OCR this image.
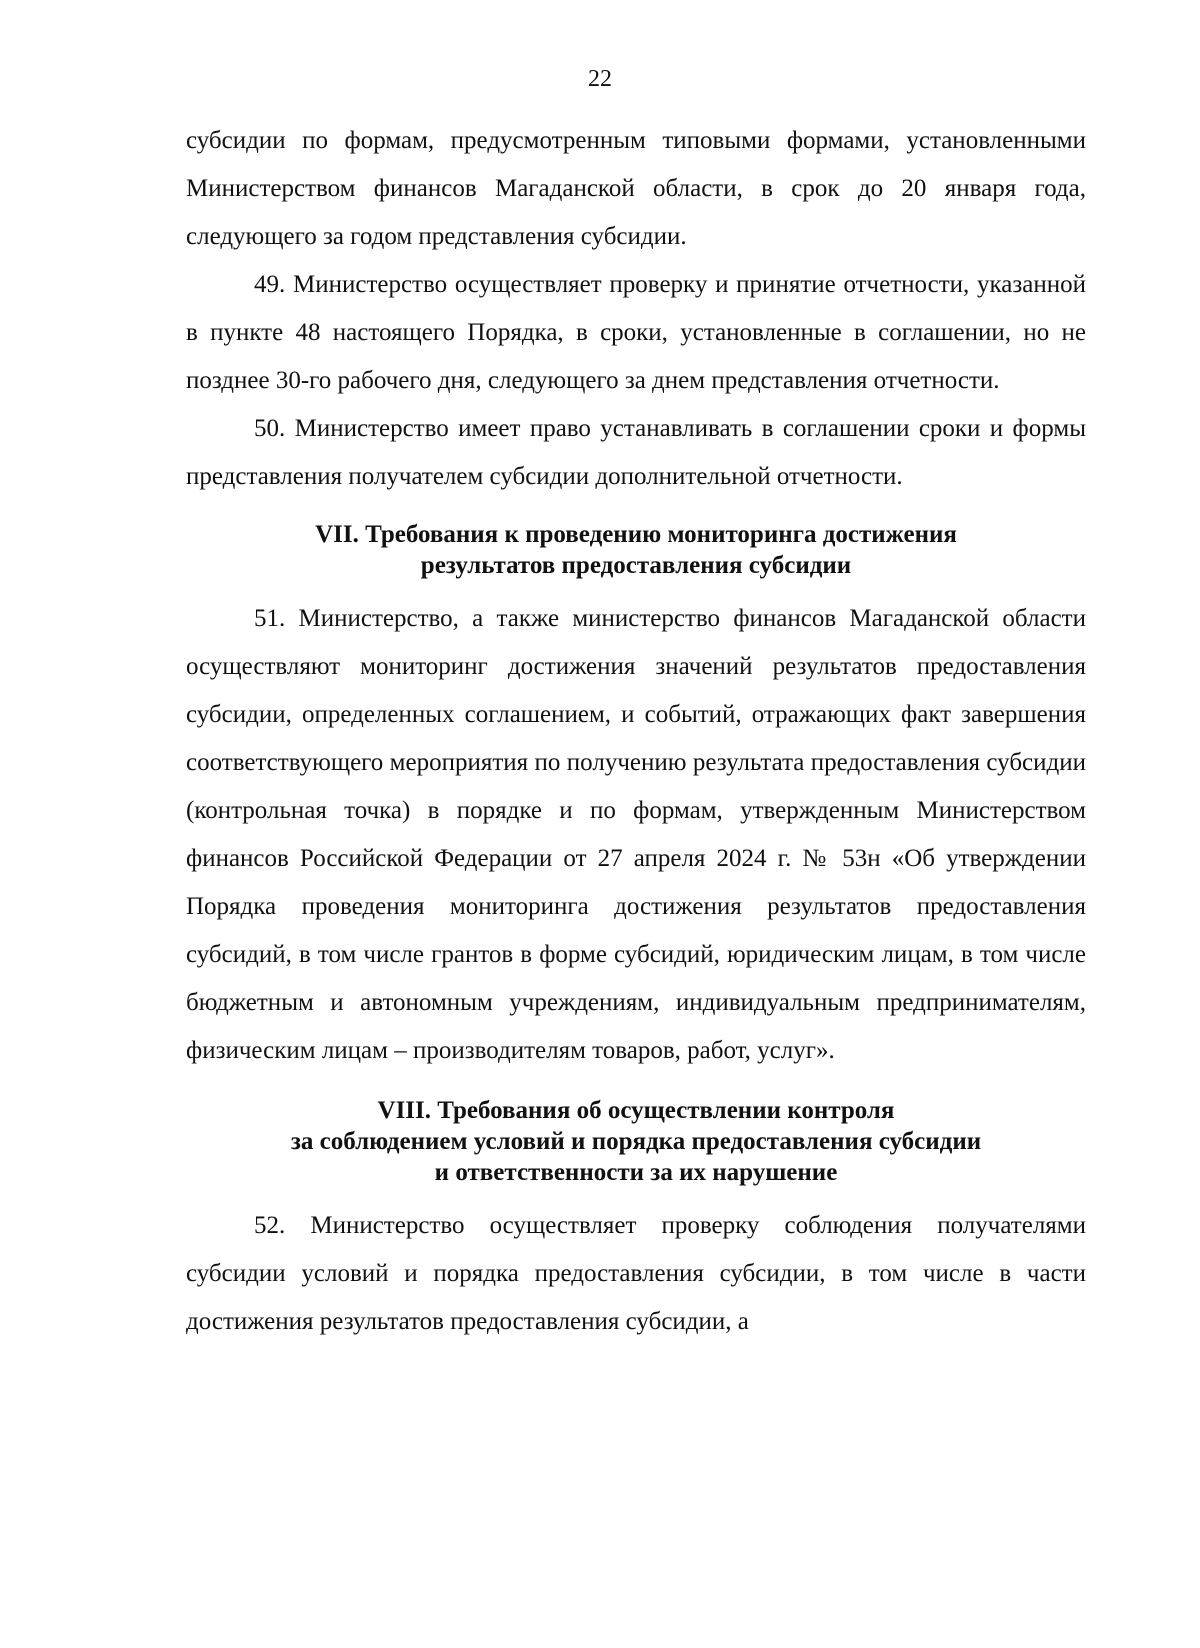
22

субсидии по формам, предусмотренным типовыми формами, установленными Министерством финансов Магаданской области, в срок до 20 января года, следующего за годом представления субсидии.

49. Министерство осуществляет проверку и принятие отчетности, указанной в пункте 48 настоящего Порядка, в сроки, установленные в соглашении, но не позднее 30-го рабочего дня, следующего за днем представления отчетности.

50. Министерство имеет право устанавливать в соглашении сроки и формы представления получателем субсидии дополнительной отчетности.

VII. Требования к проведению мониторинга достижения
результатов предоставления субсидии

51. Министерство, а также министерство финансов Магаданской области осуществляют мониторинг достижения значений результатов предоставления субсидии, определенных соглашением, и событий, отражающих факт завершения соответствующего мероприятия по получению результата предоставления субсидии (контрольная точка) в порядке и по формам, утвержденным Министерством финансов Российской Федерации от 27 апреля 2024 г. № 53н «Об утверждении Порядка проведения мониторинга достижения результатов предоставления субсидий, в том числе грантов в форме субсидий, юридическим лицам, в том числе бюджетным и автономным учреждениям, индивидуальным предпринимателям, физическим лицам – производителям товаров, работ, услуг».

VIII. Требования об осуществлении контроля
за соблюдением условий и порядка предоставления субсидии
и ответственности за их нарушение

52. Министерство осуществляет проверку соблюдения получателями субсидии условий и порядка предоставления субсидии, в том числе в части достижения результатов предоставления субсидии, а
